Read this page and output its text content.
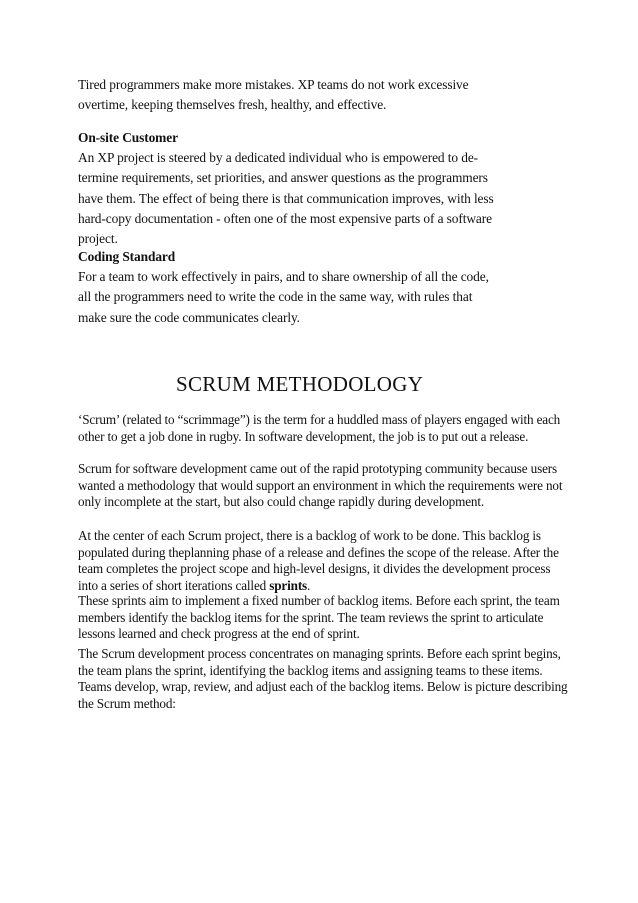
Tired programmers make more mistakes. XP teams do not work excessive overtime, keeping themselves fresh, healthy, and effective.

On-site Customer

An XP project is steered by a dedicated individual who is empowered to de-termine requirements, set priorities, and answer questions as the programmers have them. The effect of being there is that communication improves, with less hard-copy documentation - often one of the most expensive parts of a software project.

Coding Standard

For a team to work effectively in pairs, and to share ownership of all the code, all the programmers need to write the code in the same way, with rules that make sure the code communicates clearly.

SCRUM METHODOLOGY

‘Scrum’ (related to “scrimmage”) is the term for a huddled mass of players engaged with each other to get a job done in rugby. In software development, the job is to put out a release.

Scrum for software development came out of the rapid prototyping community because users wanted a methodology that would support an environment in which the requirements were not only incomplete at the start, but also could change rapidly during development.

At the center of each Scrum project, there is a backlog of work to be done. This backlog is populated during theplanning phase of a release and defines the scope of the release. After the team completes the project scope and high-level designs, it divides the development process into a series of short iterations called sprints.

These sprints aim to implement a fixed number of backlog items. Before each sprint, the team members identify the backlog items for the sprint. The team reviews the sprint to articulate lessons learned and check progress at the end of sprint.

The Scrum development process concentrates on managing sprints. Before each sprint begins, the team plans the sprint, identifying the backlog items and assigning teams to these items. Teams develop, wrap, review, and adjust each of the backlog items. Below is picture describing the Scrum method:
